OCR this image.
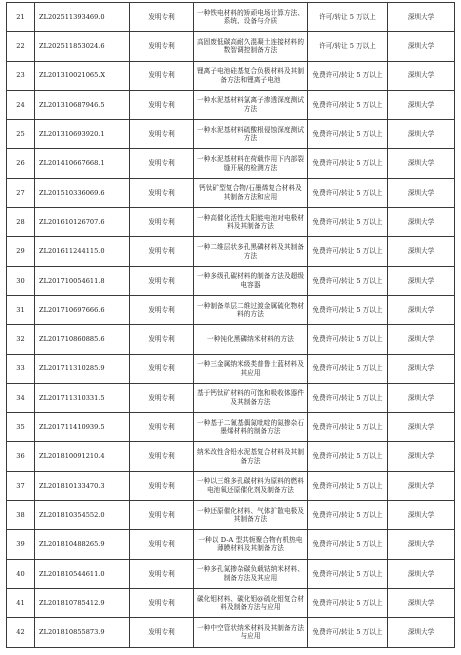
21	ZL202511393469.0	发明专利	一种铁电材料的矫顽电场计算方法、系统、设备与介质	许可/转让 5 万以上	深圳大学
22	ZL202511853024.6	发明专利	高固废低碳高耐久混凝土连接材料的数智调控制备方法	许可/转让 5 万以上	深圳大学
23	ZL201310021065.X	发明专利	锂离子电池硅基复合负极材料及其制备方法和锂离子电池	免费许可/转让 5 万以上	深圳大学
24	ZL201310687946.5	发明专利	一种水泥基材料氯离子渗透深度测试方法	免费许可/转让 5 万以上	深圳大学
25	ZL201310693920.1	发明专利	一种水泥基材料硫酸根侵蚀深度测试方法	免费许可/转让 5 万以上	深圳大学
26	ZL201410667668.1	发明专利	一种水泥基材料在荷载作用下内部裂缝开展的检测方法	免费许可/转让 5 万以上	深圳大学
27	ZL201510336069.6	发明专利	钙钛矿型复合物/石墨烯复合材料及其制备方法和应用	免费许可/转让 5 万以上	深圳大学
28	ZL201610126707.6	发明专利	一种高催化活性太阳能电池对电极材料及其制备方法	免费许可/转让 5 万以上	深圳大学
29	ZL201611244115.0	发明专利	一种二维层状多孔黑磷材料及其制备方法	免费许可/转让 5 万以上	深圳大学
30	ZL201710054611.8	发明专利	一种多级孔碳材料的制备方法及超级电容器	免费许可/转让 5 万以上	深圳大学
31	ZL201710697666.6	发明专利	一种制备单层二维过渡金属硫化物材料的方法	免费许可/转让 5 万以上	深圳大学
32	ZL201710860885.6	发明专利	一种钝化黑磷纳米材料的方法	免费许可/转让 5 万以上	深圳大学
33	ZL201711310285.9	发明专利	一种三金属纳米级类普鲁士蓝材料及其应用	免费许可/转让 5 万以上	深圳大学
34	ZL201711310331.5	发明专利	基于钙钛矿材料的可饱和吸收体器件及其制备方法	免费许可/转让 5 万以上	深圳大学
35	ZL201711410939.5	发明专利	一种基于二氰基偶氮吡啶的氮掺杂石墨烯材料的制备方法	免费许可/转让 5 万以上	深圳大学
36	ZL201810091210.4	发明专利	纳米改性含铅水泥基复合材料及其制备方法	免费许可/转让 5 万以上	深圳大学
37	ZL201810133470.3	发明专利	一种以三维多孔碳材料为原料的燃料电池氧还原催化剂及制备方法	免费许可/转让 5 万以上	深圳大学
38	ZL201810354552.0	发明专利	一种还原催化材料、气体扩散电极及其制备方法	免费许可/转让 5 万以上	深圳大学
39	ZL201810488265.9	发明专利	一种以 D-A 型共轭聚合物有机热电薄膜材料及其制备方法	免费许可/转让 5 万以上	深圳大学
40	ZL201810544611.0	发明专利	一种多孔氮掺杂碳负载钴纳米材料、制备方法及其应用	免费许可/转让 5 万以上	深圳大学
41	ZL201810785412.9	发明专利	碳化钼材料、碳化钼@硫化钼复合材料及制备方法与应用	免费许可/转让 5 万以上	深圳大学
42	ZL201810855873.9	发明专利	一种中空管状纳米材料及其制备方法与应用	免费许可/转让 5 万以上	深圳大学
